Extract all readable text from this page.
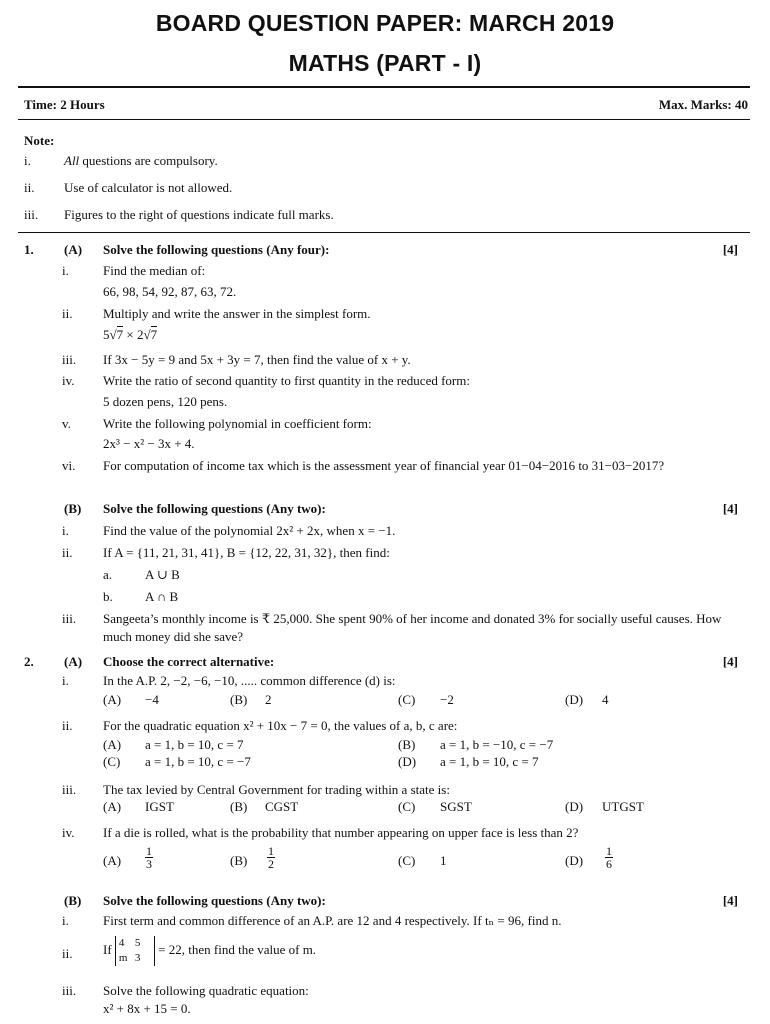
BOARD QUESTION PAPER: MARCH 2019
MATHS (PART - I)
Time: 2 Hours	Max. Marks: 40
Note:
i.	All questions are compulsory.
ii. Use of calculator is not allowed.
iii. Figures to the right of questions indicate full marks.
1. (A) Solve the following questions (Any four):	[4]
i.	Find the median of:
66, 98, 54, 92, 87, 63, 72.
ii. Multiply and write the answer in the simplest form.
5√7 × 2√7
iii. If 3x − 5y = 9 and 5x + 3y = 7, then find the value of x + y.
iv. Write the ratio of second quantity to first quantity in the reduced form:
5 dozen pens, 120 pens.
v. Write the following polynomial in coefficient form:
2x³ − x² − 3x + 4.
vi. For computation of income tax which is the assessment year of financial year 01−04−2016 to 31−03−2017?
(B) Solve the following questions (Any two):	[4]
i.	Find the value of the polynomial 2x² + 2x, when x = −1.
ii. If A = {11, 21, 31, 41}, B = {12, 22, 31, 32}, then find:
a.	A ∪ B
b. A ∩ B
iii. Sangeeta’s monthly income is ₹ 25,000. She spent 90% of her income and donated 3% for socially useful causes. How much money did she save?
2. (A) Choose the correct alternative:	[4]
i.	In the A.P. 2, −2, −6, −10, ..... common difference (d) is:
(A) −4	(B) 2	(C) −2	(D) 4
ii. For the quadratic equation x² + 10x − 7 = 0, the values of a, b, c are:
(A) a = 1, b = 10, c = 7	(B) a = 1, b = −10, c = −7
(C) a = 1, b = 10, c = −7	(D) a = 1, b = 10, c = 7
iii. The tax levied by Central Government for trading within a state is:
(A) IGST	(B) CGST	(C) SGST	(D) UTGST
iv. If a die is rolled, what is the probability that number appearing on upper face is less than 2?
$(A) \frac{1}{3}$	$(B) \frac{1}{2}$	(C) 1	$(D) \frac{1}{6}$
(B) Solve the following questions (Any two):	[4]
i.	First term and common difference of an A.P. are 12 and 4 respectively. If tₙ = 96, find n.
ii. If 4 5
m 3 = 22, then find the value of m.
iii. Solve the following quadratic equation:
x² + 8x + 15 = 0.
